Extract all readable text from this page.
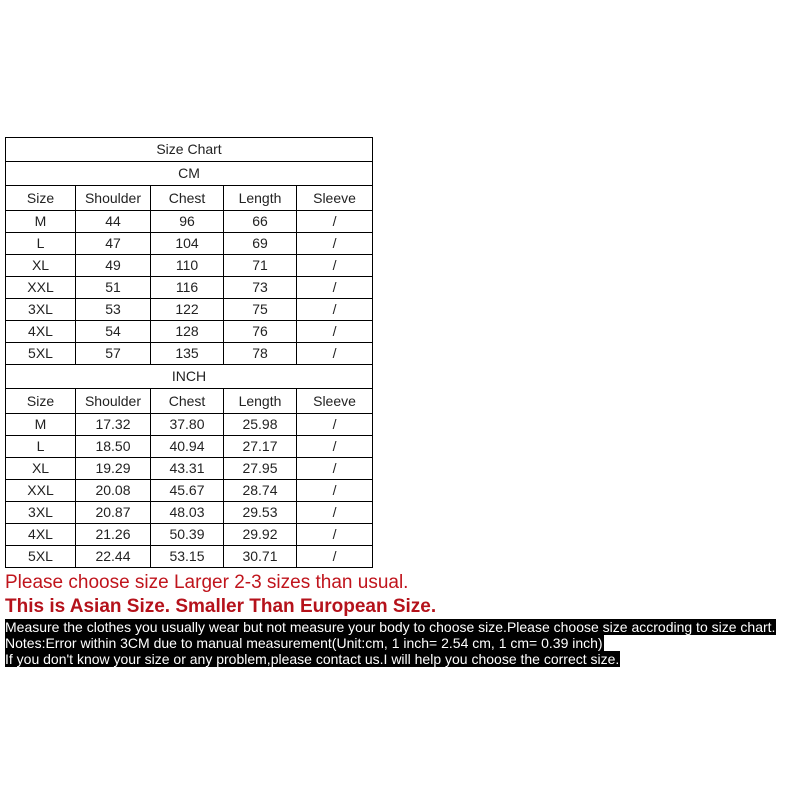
Size Chart				
CM				
Size	Shoulder	Chest	Length	Sleeve
M	44	96	66	/
L	47	104	69	/
XL	49	110	71	/
XXL	51	116	73	/
3XL	53	122	75	/
4XL	54	128	76	/
5XL	57	135	78	/
INCH				
Size	Shoulder	Chest	Length	Sleeve
M	17.32	37.80	25.98	/
L	18.50	40.94	27.17	/
XL	19.29	43.31	27.95	/
XXL	20.08	45.67	28.74	/
3XL	20.87	48.03	29.53	/
4XL	21.26	50.39	29.92	/
5XL	22.44	53.15	30.71	/
Please choose size Larger 2-3 sizes than usual.
This is Asian Size. Smaller Than European Size.
Measure the clothes you usually wear but not measure your body to choose size.Please choose size accroding to size chart.
Notes:Error within 3CM due to manual measurement(Unit:cm, 1 inch= 2.54 cm, 1 cm= 0.39 inch)
If you don't know your size or any problem,please contact us.I will help you choose the correct size.
